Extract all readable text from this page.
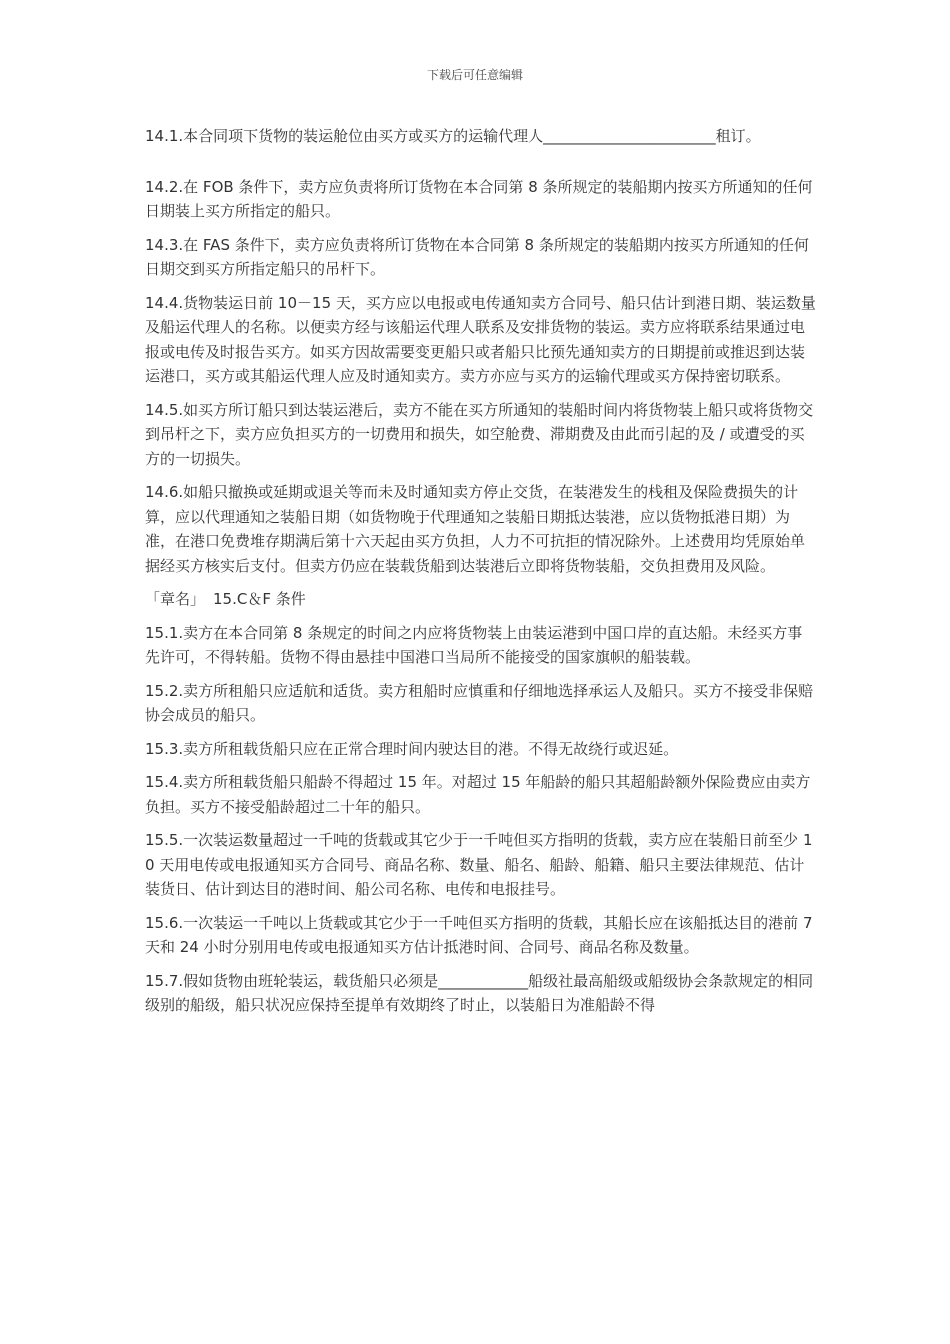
下载后可任意编辑

14.1.本合同项下货物的装运舱位由买方或买方的运输代理人_______________________租订。

14.2.在 FOB 条件下，卖方应负责将所订货物在本合同第 8 条所规定的装船期内按买方所通知的任何日期装上买方所指定的船只。

14.3.在 FAS 条件下，卖方应负责将所订货物在本合同第 8 条所规定的装船期内按买方所通知的任何日期交到买方所指定船只的吊杆下。

14.4.货物装运日前 10－15 天，买方应以电报或电传通知卖方合同号、船只估计到港日期、装运数量及船运代理人的名称。以便卖方经与该船运代理人联系及安排货物的装运。卖方应将联系结果通过电报或电传及时报告买方。如买方因故需要变更船只或者船只比预先通知卖方的日期提前或推迟到达装运港口，买方或其船运代理人应及时通知卖方。卖方亦应与买方的运输代理或买方保持密切联系。

14.5.如买方所订船只到达装运港后，卖方不能在买方所通知的装船时间内将货物装上船只或将货物交到吊杆之下，卖方应负担买方的一切费用和损失，如空舱费、滞期费及由此而引起的及 / 或遭受的买方的一切损失。

14.6.如船只撤换或延期或退关等而未及时通知卖方停止交货，在装港发生的栈租及保险费损失的计算，应以代理通知之装船日期（如货物晚于代理通知之装船日期抵达装港，应以货物抵港日期）为准，在港口免费堆存期满后第十六天起由买方负担，人力不可抗拒的情况除外。上述费用均凭原始单据经买方核实后支付。但卖方仍应在装载货船到达装港后立即将货物装船，交负担费用及风险。

「章名」 15.C＆F 条件

15.1.卖方在本合同第 8 条规定的时间之内应将货物装上由装运港到中国口岸的直达船。未经买方事先许可，不得转船。货物不得由悬挂中国港口当局所不能接受的国家旗帜的船装载。

15.2.卖方所租船只应适航和适货。卖方租船时应慎重和仔细地选择承运人及船只。买方不接受非保赔协会成员的船只。

15.3.卖方所租载货船只应在正常合理时间内驶达目的港。不得无故绕行或迟延。

15.4.卖方所租载货船只船龄不得超过 15 年。对超过 15 年船龄的船只其超船龄额外保险费应由卖方负担。买方不接受船龄超过二十年的船只。

15.5.一次装运数量超过一千吨的货载或其它少于一千吨但买方指明的货载，卖方应在装船日前至少 10 天用电传或电报通知买方合同号、商品名称、数量、船名、船龄、船籍、船只主要法律规范、估计装货日、估计到达目的港时间、船公司名称、电传和电报挂号。

15.6.一次装运一千吨以上货载或其它少于一千吨但买方指明的货载，其船长应在该船抵达目的港前 7 天和 24 小时分别用电传或电报通知买方估计抵港时间、合同号、商品名称及数量。

15.7.假如货物由班轮装运，载货船只必须是____________船级社最高船级或船级协会条款规定的相同级别的船级，船只状况应保持至提单有效期终了时止，以装船日为准船龄不得
